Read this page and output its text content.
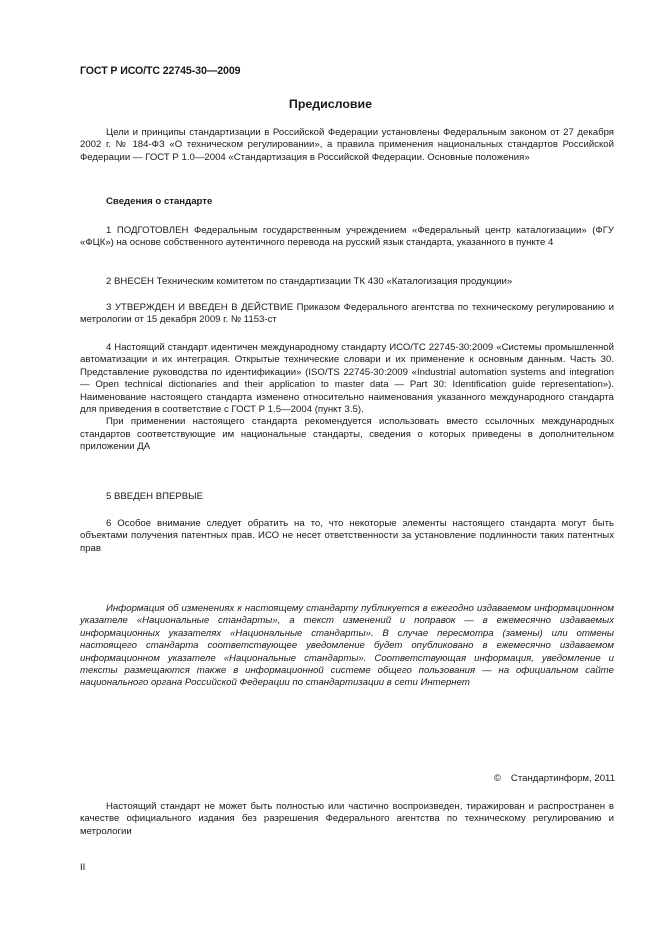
ГОСТ Р ИСО/ТС 22745-30—2009
Предисловие

Цели и принципы стандартизации в Российской Федерации установлены Федеральным законом от 27 декабря 2002 г. № 184-ФЗ «О техническом регулировании», а правила применения национальных стандартов Российской Федерации — ГОСТ Р 1.0—2004 «Стандартизация в Российской Федерации. Основные положения»

Сведения о стандарте

1 ПОДГОТОВЛЕН Федеральным государственным учреждением «Федеральный центр каталогизации» (ФГУ «ФЦК») на основе собственного аутентичного перевода на русский язык стандарта, указанного в пункте 4

2 ВНЕСЕН Техническим комитетом по стандартизации ТК 430 «Каталогизация продукции»

3 УТВЕРЖДЕН И ВВЕДЕН В ДЕЙСТВИЕ Приказом Федерального агентства по техническому регулированию и метрологии от 15 декабря 2009 г. № 1153-ст

4 Настоящий стандарт идентичен международному стандарту ИСО/ТС 22745-30:2009 «Системы промышленной автоматизации и их интеграция. Открытые технические словари и их применение к основным данным. Часть 30. Представление руководства по идентификации» (ISO/TS 22745-30:2009 «Industrial automation systems and integration — Open technical dictionaries and their application to master data — Part 30: Identification guide representation»). Наименование настоящего стандарта изменено относительно наименования указанного международного стандарта для приведения в соответствие с ГОСТ Р 1.5—2004 (пункт 3.5).

При применении настоящего стандарта рекомендуется использовать вместо ссылочных международных стандартов соответствующие им национальные стандарты, сведения о которых приведены в дополнительном приложении ДА

5 ВВЕДЕН ВПЕРВЫЕ

6 Особое внимание следует обратить на то, что некоторые элементы настоящего стандарта могут быть объектами получения патентных прав. ИСО не несет ответственности за установление подлинности таких патентных прав

Информация об изменениях к настоящему стандарту публикуется в ежегодно издаваемом информационном указателе «Национальные стандарты», а текст изменений и поправок — в ежемесячно издаваемых информационных указателях «Национальные стандарты». В случае пересмотра (замены) или отмены настоящего стандарта соответствующее уведомление будет опубликовано в ежемесячно издаваемом информационном указателе «Национальные стандарты». Соответствующая информация, уведомление и тексты размещаются также в информационной системе общего пользования — на официальном сайте национального органа Российской Федерации по стандартизации в сети Интернет

© Стандартинформ, 2011

Настоящий стандарт не может быть полностью или частично воспроизведен, тиражирован и распространен в качестве официального издания без разрешения Федерального агентства по техническому регулированию и метрологии

II
